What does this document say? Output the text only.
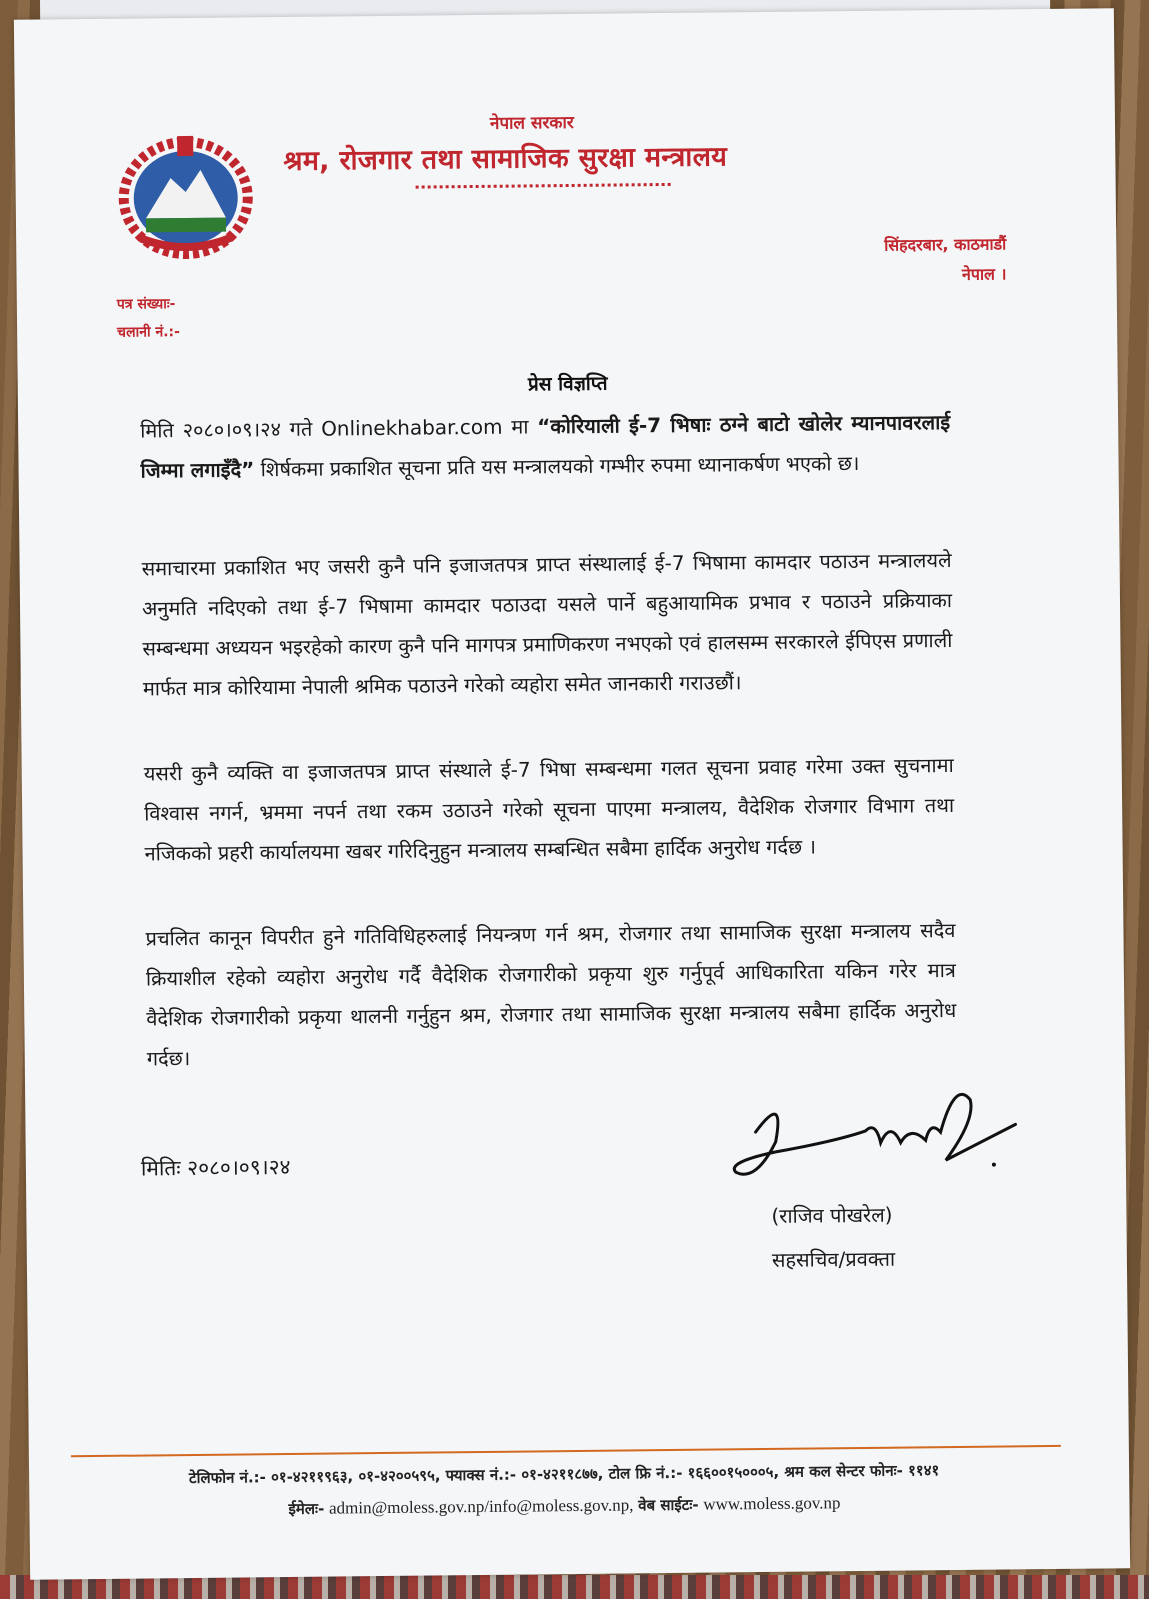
नेपाल सरकार
श्रम, रोजगार तथा सामाजिक सुरक्षा मन्त्रालय
सिंहदरबार, काठमाडौं
नेपाल ।
पत्र संख्याः-
चलानी नं.:-
प्रेस विज्ञप्ति
मिति २०८०।०९।२४ गते Onlinekhabar.com मा “कोरियाली ई-7 भिषाः ठग्ने बाटो खोलेर म्यानपावरलाई जिम्मा लगाइँदै” शिर्षकमा प्रकाशित सूचना प्रति यस मन्त्रालयको गम्भीर रुपमा ध्यानाकर्षण भएको छ।
समाचारमा प्रकाशित भए जसरी कुनै पनि इजाजतपत्र प्राप्त संस्थालाई ई-7 भिषामा कामदार पठाउन मन्त्रालयले अनुमति नदिएको तथा ई-7 भिषामा कामदार पठाउदा यसले पार्ने बहुआयामिक प्रभाव र पठाउने प्रक्रियाका सम्बन्धमा अध्ययन भइरहेको कारण कुनै पनि मागपत्र प्रमाणिकरण नभएको एवं हालसम्म सरकारले ईपिएस प्रणाली मार्फत मात्र कोरियामा नेपाली श्रमिक पठाउने गरेको व्यहोरा समेत जानकारी गराउछौं।
यसरी कुनै व्यक्ति वा इजाजतपत्र प्राप्त संस्थाले ई-7 भिषा सम्बन्धमा गलत सूचना प्रवाह गरेमा उक्त सुचनामा विश्वास नगर्न, भ्रममा नपर्न तथा रकम उठाउने गरेको सूचना पाएमा मन्त्रालय, वैदेशिक रोजगार विभाग तथा नजिकको प्रहरी कार्यालयमा खबर गरिदिनुहुन मन्त्रालय सम्बन्धित सबैमा हार्दिक अनुरोध गर्दछ ।
प्रचलित कानून विपरीत हुने गतिविधिहरुलाई नियन्त्रण गर्न श्रम, रोजगार तथा सामाजिक सुरक्षा मन्त्रालय सदैव क्रियाशील रहेको व्यहोरा अनुरोध गर्दै वैदेशिक रोजगारीको प्रकृया शुरु गर्नुपूर्व आधिकारिता यकिन गरेर मात्र वैदेशिक रोजगारीको प्रकृया थालनी गर्नुहुन श्रम, रोजगार तथा सामाजिक सुरक्षा मन्त्रालय सबैमा हार्दिक अनुरोध गर्दछ।
मितिः २०८०।०९।२४
(राजिव पोखरेल)
सहसचिव/प्रवक्ता
टेलिफोन नं.:- ०१-४२११९६३, ०१-४२००५९५, फ्याक्स नं.:- ०१-४२११८७७, टोल फ्रि नं.:- १६६००१५०००५, श्रम कल सेन्टर फोनः- ११४१
ईमेलः- admin@moless.gov.np/info@moless.gov.np, वेब साईटः- www.moless.gov.np
